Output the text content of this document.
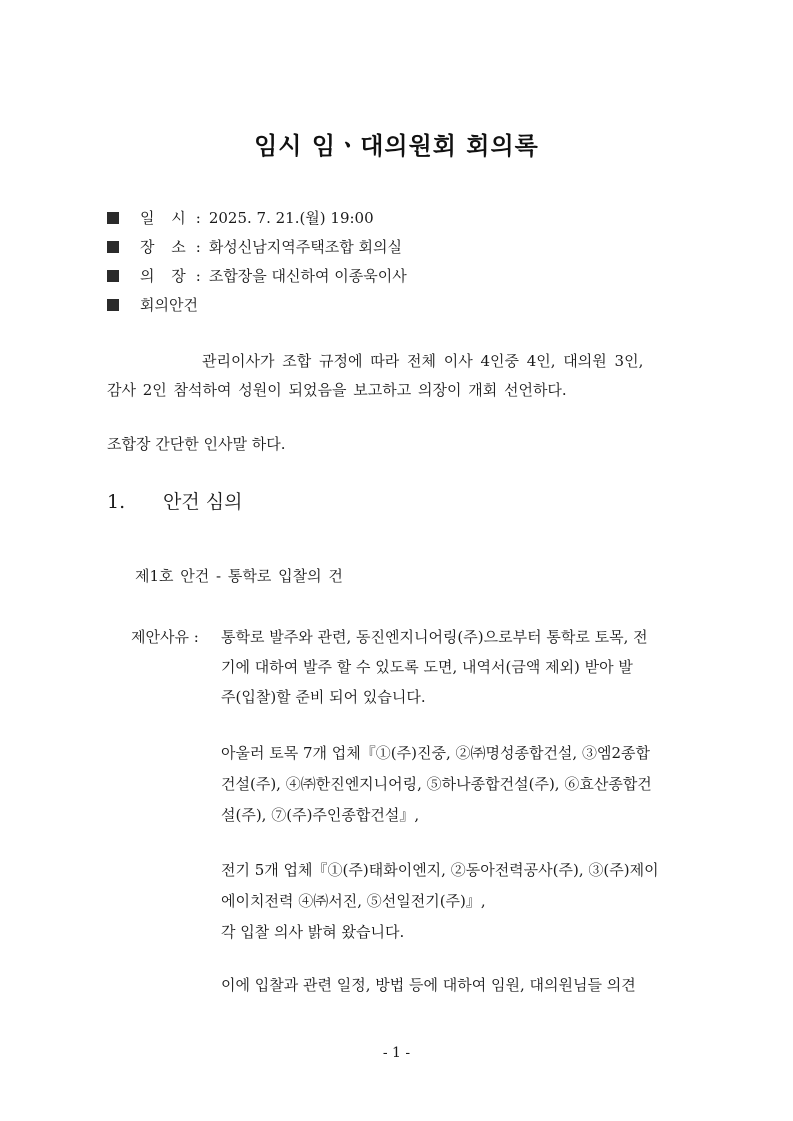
임시 임ㆍ대의원회 회의록
일 시 : 2025. 7. 21.(월) 19:00
장 소 : 화성신남지역주택조합 회의실
의 장 : 조합장을 대신하여 이종욱이사
회의안건
관리이사가 조합 규정에 따라 전체 이사 4인중 4인, 대의원 3인,
감사 2인 참석하여 성원이 되었음을 보고하고 의장이 개회 선언하다.
조합장 간단한 인사말 하다.
1. 안건 심의
제1호 안건 - 통학로 입찰의 건
제안사유 : 통학로 발주와 관련, 동진엔지니어링(주)으로부터 통학로 토목, 전
기에 대하여 발주 할 수 있도록 도면, 내역서(금액 제외) 받아 발
주(입찰)할 준비 되어 있습니다.
아울러 토목 7개 업체『①(주)진중, ②㈜명성종합건설, ③엠2종합
건설(주), ④㈜한진엔지니어링, ⑤하나종합건설(주), ⑥효산종합건
설(주), ⑦(주)주인종합건설』,
전기 5개 업체『①(주)태화이엔지, ②동아전력공사(주), ③(주)제이
에이치전력 ④㈜서진, ⑤선일전기(주)』,
각 입찰 의사 밝혀 왔습니다.
이에 입찰과 관련 일정, 방법 등에 대하여 임원, 대의원님들 의견
- 1 -
